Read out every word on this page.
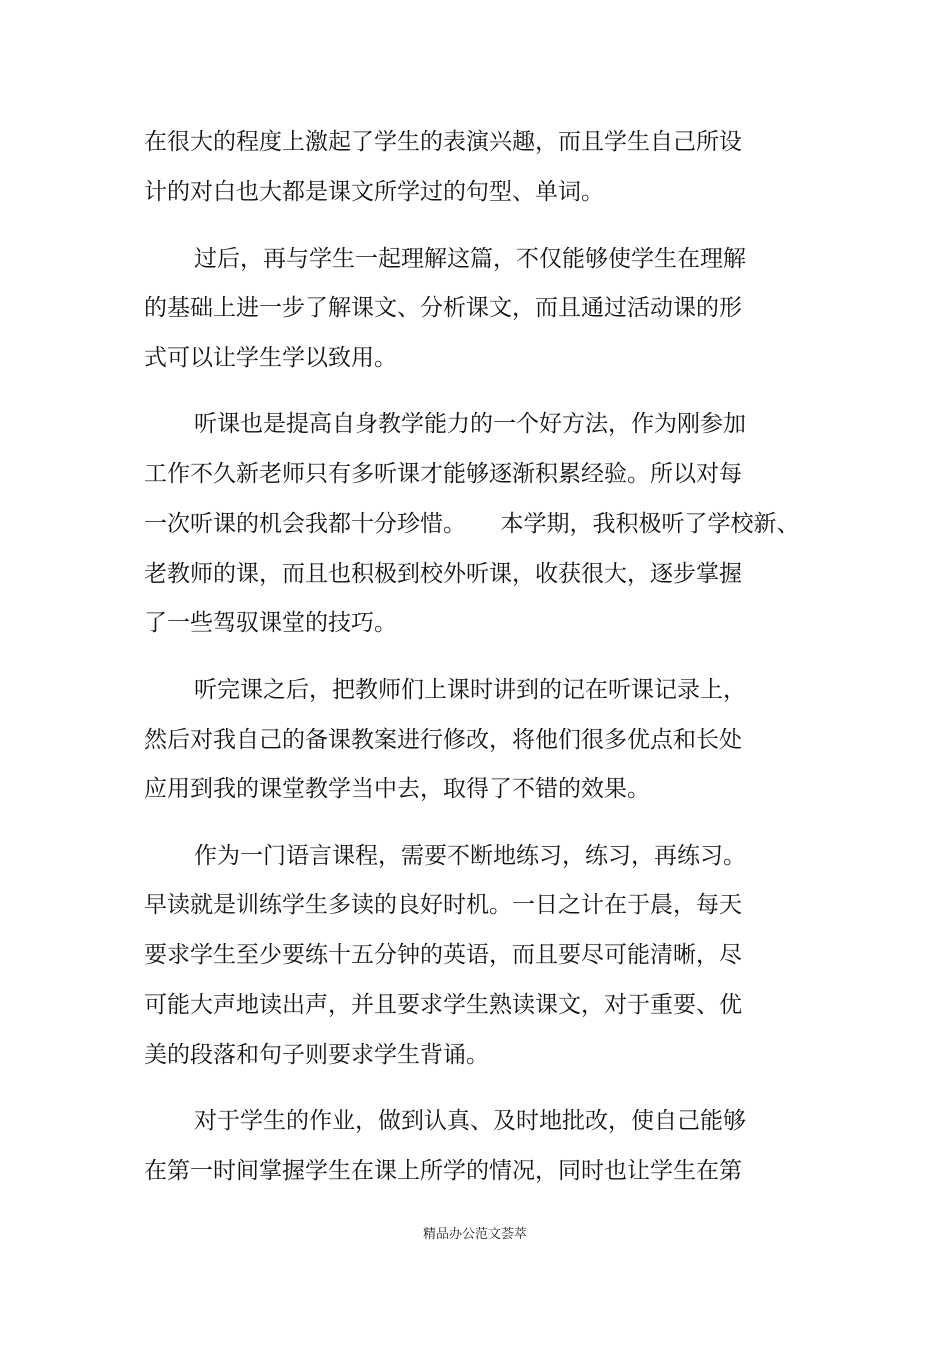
在很大的程度上激起了学生的表演兴趣，而且学生自己所设
计的对白也大都是课文所学过的句型、单词。
过后，再与学生一起理解这篇，不仅能够使学生在理解
的基础上进一步了解课文、分析课文，而且通过活动课的形
式可以让学生学以致用。
听课也是提高自身教学能力的一个好方法，作为刚参加
工作不久新老师只有多听课才能够逐渐积累经验。所以对每
一次听课的机会我都十分珍惜。　　本学期，我积极听了学校新、
老教师的课，而且也积极到校外听课，收获很大，逐步掌握
了一些驾驭课堂的技巧。
听完课之后，把教师们上课时讲到的记在听课记录上，
然后对我自己的备课教案进行修改，将他们很多优点和长处
应用到我的课堂教学当中去，取得了不错的效果。
作为一门语言课程，需要不断地练习，练习，再练习。
早读就是训练学生多读的良好时机。一日之计在于晨，每天
要求学生至少要练十五分钟的英语，而且要尽可能清晰，尽
可能大声地读出声，并且要求学生熟读课文，对于重要、优
美的段落和句子则要求学生背诵。
对于学生的作业，做到认真、及时地批改，使自己能够
在第一时间掌握学生在课上所学的情况，同时也让学生在第
精品办公范文荟萃
